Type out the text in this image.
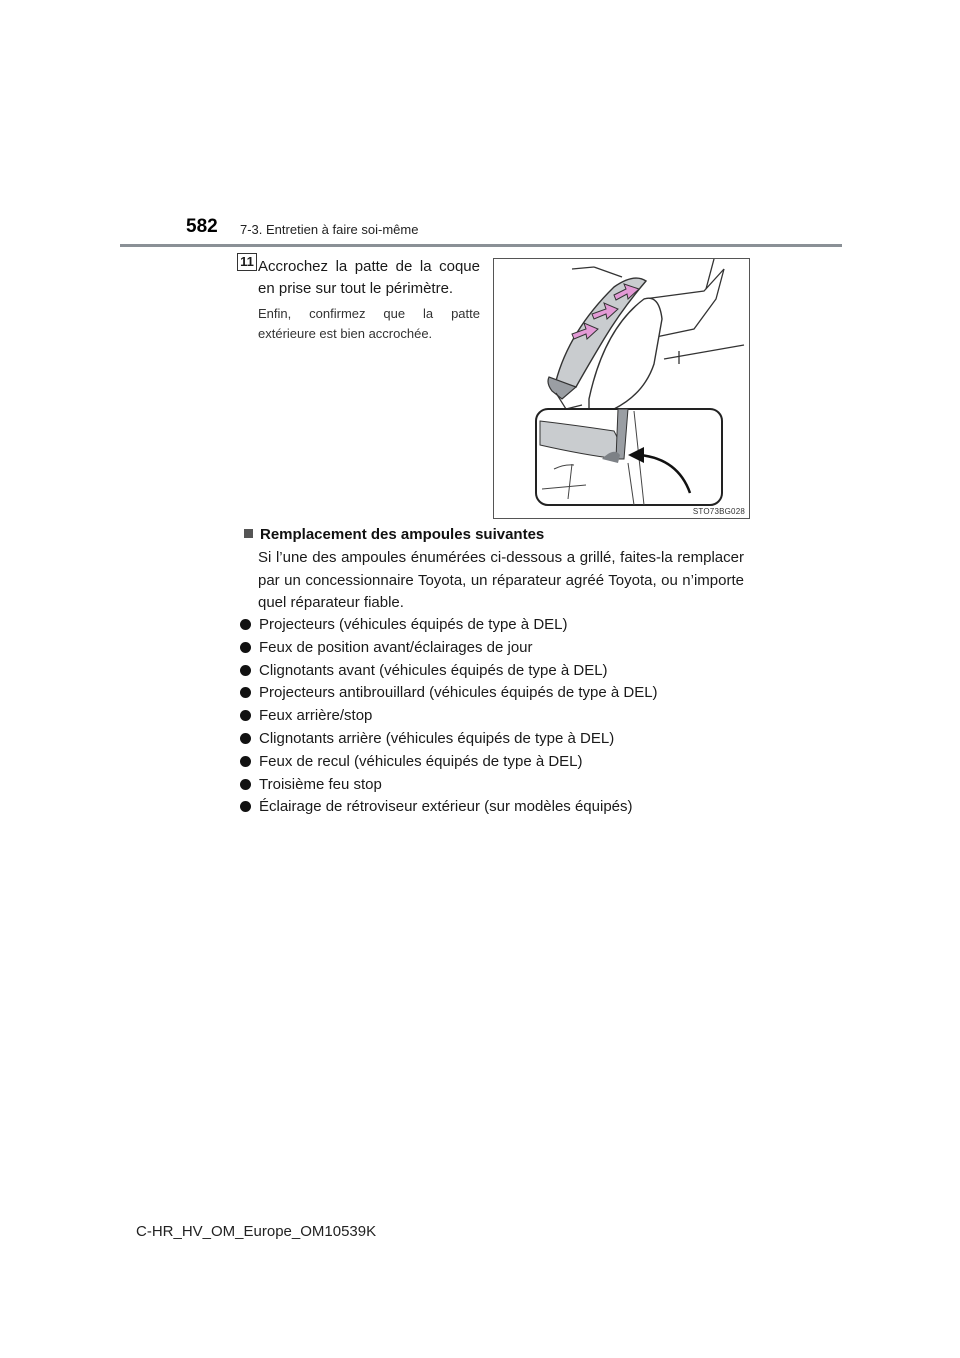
582 7-3. Entretien à faire soi-même
11 Accrochez la patte de la coque en prise sur tout le périmètre.
Enfin, confirmez que la patte extérieure est bien accrochée.
STO73BG028
Remplacement des ampoules suivantes
Si l’une des ampoules énumérées ci-dessous a grillé, faites-la remplacer par un concessionnaire Toyota, un réparateur agréé Toyota, ou n’importe quel réparateur fiable.
Projecteurs (véhicules équipés de type à DEL)
Feux de position avant/éclairages de jour
Clignotants avant (véhicules équipés de type à DEL)
Projecteurs antibrouillard (véhicules équipés de type à DEL)
Feux arrière/stop
Clignotants arrière (véhicules équipés de type à DEL)
Feux de recul (véhicules équipés de type à DEL)
Troisième feu stop
Éclairage de rétroviseur extérieur (sur modèles équipés)
C-HR_HV_OM_Europe_OM10539K
